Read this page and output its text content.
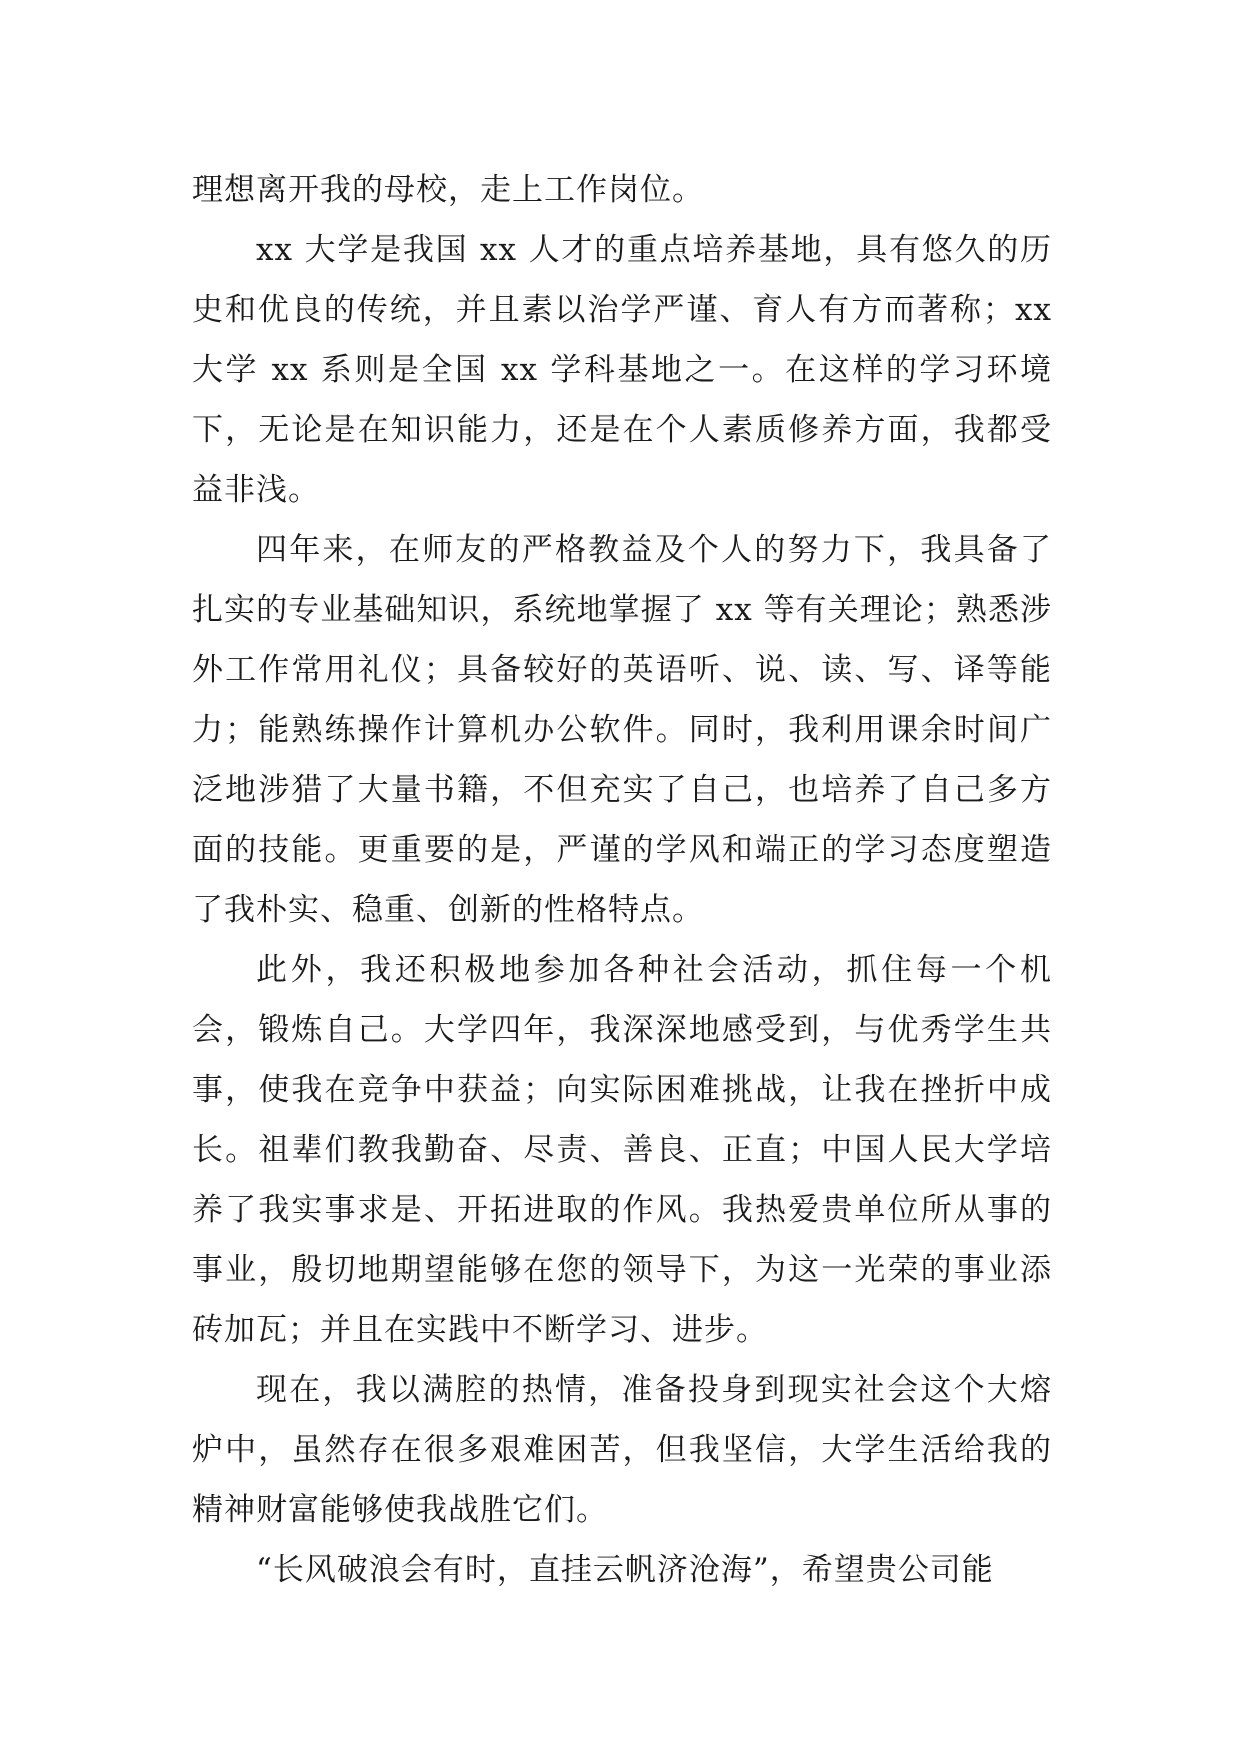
理想离开我的母校，走上工作岗位。

xx 大学是我国 xx 人才的重点培养基地，具有悠久的历史和优良的传统，并且素以治学严谨、育人有方而著称；xx 大学 xx 系则是全国 xx 学科基地之一。在这样的学习环境下，无论是在知识能力，还是在个人素质修养方面，我都受益非浅。

四年来，在师友的严格教益及个人的努力下，我具备了扎实的专业基础知识，系统地掌握了 xx 等有关理论；熟悉涉外工作常用礼仪；具备较好的英语听、说、读、写、译等能力；能熟练操作计算机办公软件。同时，我利用课余时间广泛地涉猎了大量书籍，不但充实了自己，也培养了自己多方面的技能。更重要的是，严谨的学风和端正的学习态度塑造了我朴实、稳重、创新的性格特点。

此外，我还积极地参加各种社会活动，抓住每一个机会，锻炼自己。大学四年，我深深地感受到，与优秀学生共事，使我在竞争中获益；向实际困难挑战，让我在挫折中成长。祖辈们教我勤奋、尽责、善良、正直；中国人民大学培养了我实事求是、开拓进取的作风。我热爱贵单位所从事的事业，殷切地期望能够在您的领导下，为这一光荣的事业添砖加瓦；并且在实践中不断学习、进步。

现在，我以满腔的热情，准备投身到现实社会这个大熔炉中，虽然存在很多艰难困苦，但我坚信，大学生活给我的精神财富能够使我战胜它们。

“长风破浪会有时，直挂云帆济沧海”，希望贵公司能
